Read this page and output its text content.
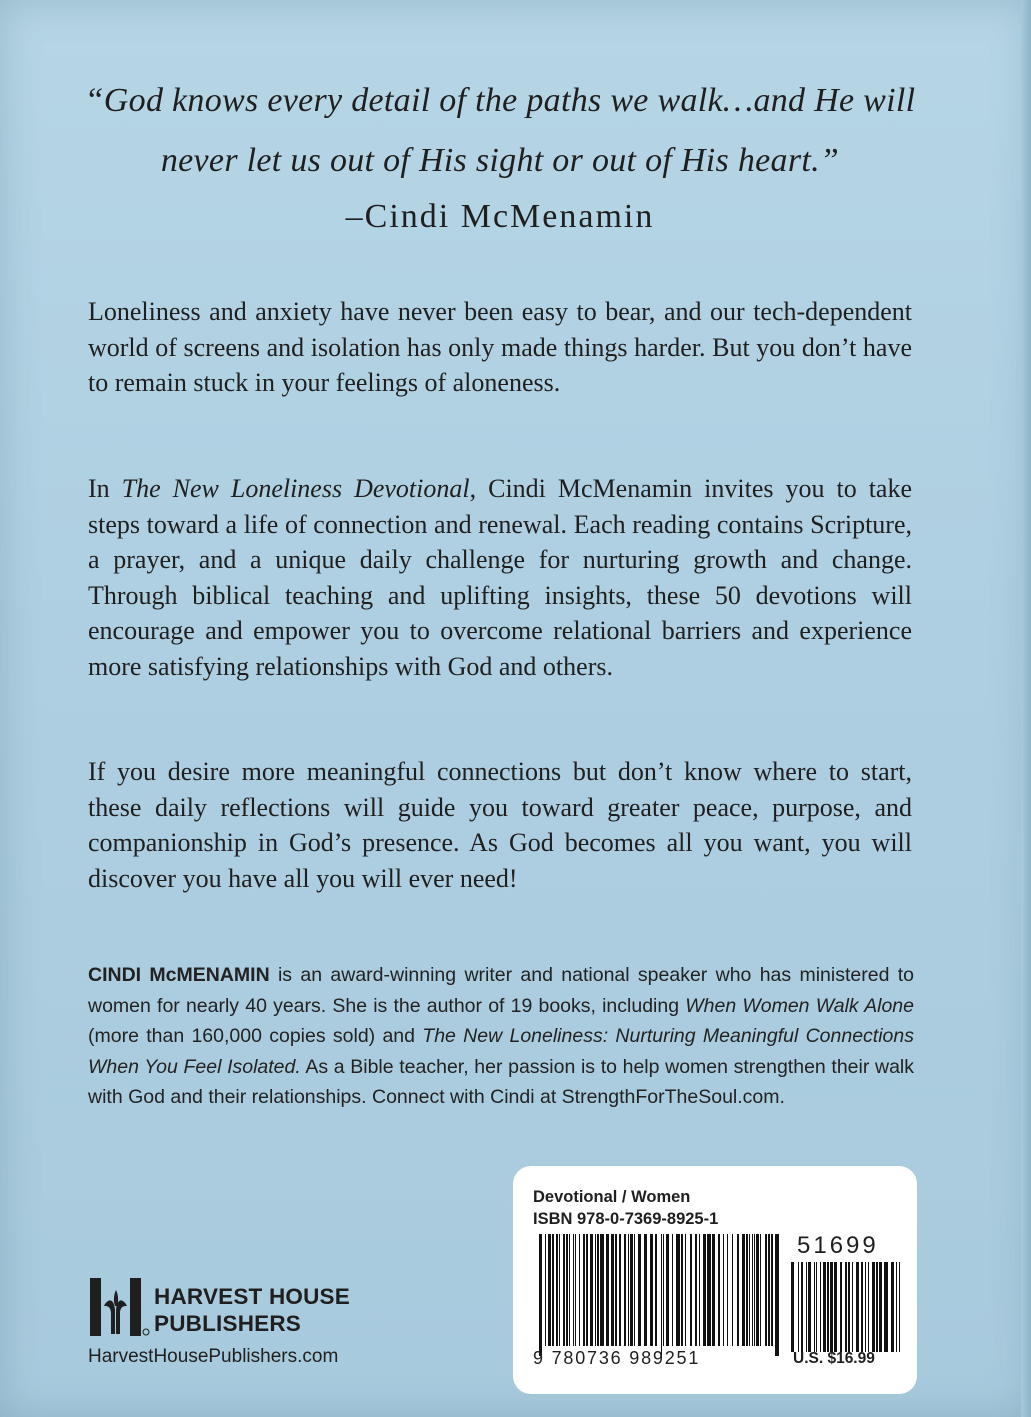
“God knows every detail of the paths we walk…and He will
never let us out of His sight or out of His heart.”
–Cindi McMenamin

Loneliness and anxiety have never been easy to bear, and our tech-dependent world of screens and isolation has only made things harder. But you don’t have to remain stuck in your feelings of aloneness.

In The New Loneliness Devotional, Cindi McMenamin invites you to take steps toward a life of connection and renewal. Each reading contains Scripture, a prayer, and a unique daily challenge for nurturing growth and change. Through biblical teaching and uplifting insights, these 50 devotions will encourage and empower you to overcome relational barriers and experience more satisfying relationships with God and others.

If you desire more meaningful connections but don’t know where to start, these daily reflections will guide you toward greater peace, purpose, and companionship in God’s presence. As God becomes all you want, you will discover you have all you will ever need!

CINDI McMENAMIN is an award-winning writer and national speaker who has ministered to women for nearly 40 years. She is the author of 19 books, including When Women Walk Alone (more than 160,000 copies sold) and The New Loneliness: Nurturing Meaningful Connections When You Feel Isolated. As a Bible teacher, her passion is to help women strengthen their walk with God and their relationships. Connect with Cindi at StrengthForTheSoul.com.

HARVEST HOUSE
PUBLISHERS
HarvestHousePublishers.com
Devotional / Women
ISBN 978-0-7369-8925-1
9 780736 989251
51699
U.S. $16.99
